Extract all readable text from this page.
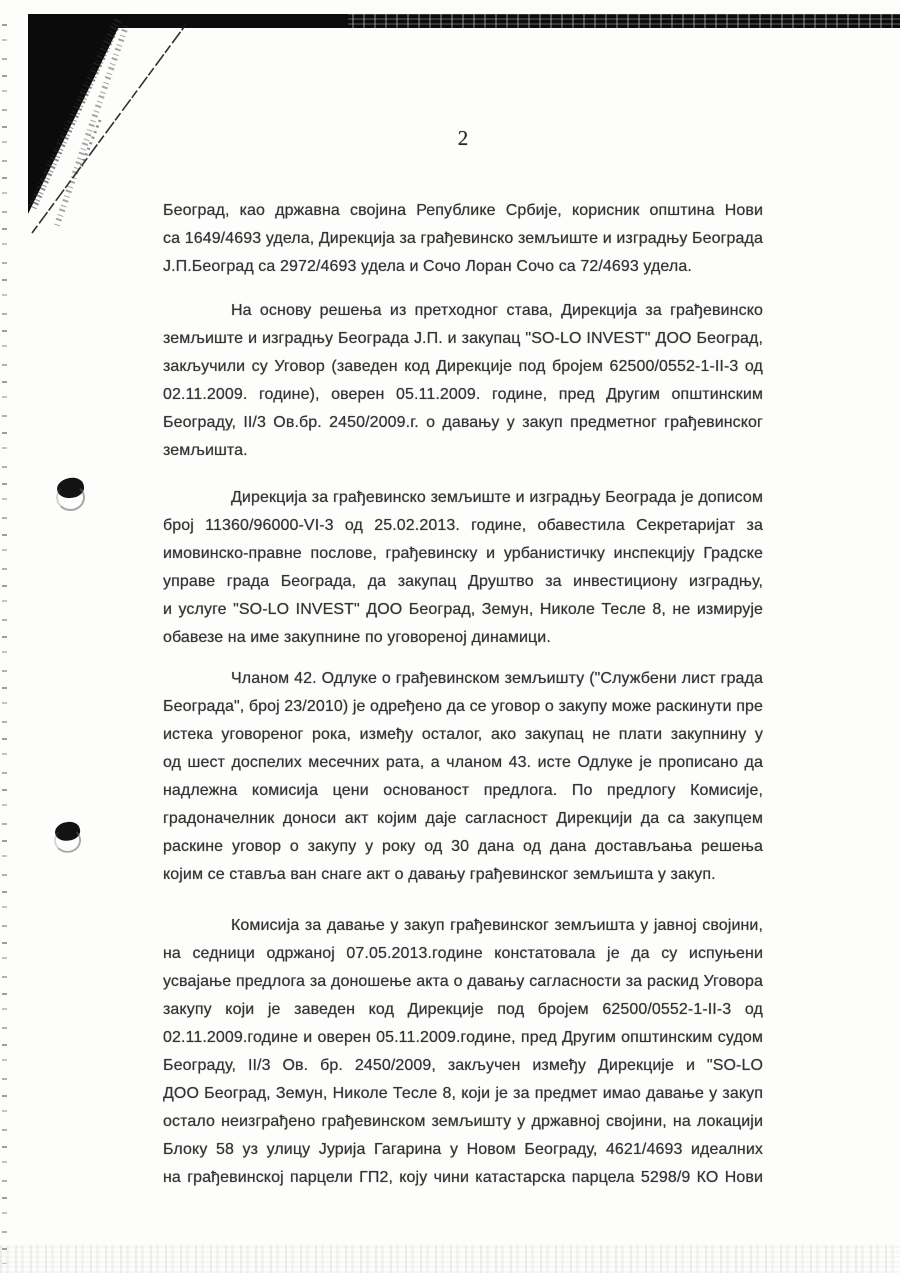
2
Београд, као државна својина Републике Србије, корисник општина Нови
са 1649/4693 удела, Дирекција за грађевинско земљиште и изградњу Београда
Ј.П.Београд са 2972/4693 удела и Сочо Лоран Сочо са 72/4693 удела.
На основу решења из претходног става, Дирекција за грађевинско
земљиште и изградњу Београда Ј.П. и закупац "SO-LO INVEST" ДОО Београд,
закључили су Уговор (заведен код Дирекције под бројем 62500/0552-1-II-3 од
02.11.2009. године), оверен 05.11.2009. године, пред Другим општинским
Београду, II/3 Ов.бр. 2450/2009.г. о давању у закуп предметног грађевинског
земљишта.
Дирекција за грађевинско земљиште и изградњу Београда је дописом
број 11360/96000-VI-3 од 25.02.2013. године, обавестила Секретаријат за
имовинско-правне послове, грађевинску и урбанистичку инспекцију Градске
управе града Београда, да закупац Друштво за инвестициону изградњу,
и услуге "SO-LO INVEST" ДОО Београд, Земун, Николе Тесле 8, не измирује
обавезе на име закупнине по уговореној динамици.
Чланом 42. Одлуке о грађевинском земљишту ("Службени лист града
Београда", број 23/2010) је одређено да се уговор о закупу може раскинути пре
истека уговореног рока, између осталог, ако закупац не плати закупнину у
од шест доспелих месечних рата, а чланом 43. исте Одлуке је прописано да
надлежна комисија цени основаност предлога. По предлогу Комисије,
градоначелник доноси акт којим даје сагласност Дирекцији да са закупцем
раскине уговор о закупу у року од 30 дана од дана достављања решења
којим се ставља ван снаге акт о давању грађевинског земљишта у закуп.
Комисија за давање у закуп грађевинског земљишта у јавној својини,
на седници одржаној 07.05.2013.године констатовала је да су испуњени
усвајање предлога за доношење акта о давању сагласности за раскид Уговора
закупу који је заведен код Дирекције под бројем 62500/0552-1-II-3 од
02.11.2009.године и оверен 05.11.2009.године, пред Другим општинским судом
Београду, II/3 Ов. бр. 2450/2009, закључен између Дирекције и "SO-LO
ДОО Београд, Земун, Николе Тесле 8, који је за предмет имао давање у закуп
остало неизграђено грађевинском земљишту у државној својини, на локацији
Блоку 58 уз улицу Јурија Гагарина у Новом Београду, 4621/4693 идеалних
на грађевинској парцели ГП2, коју чини катастарска парцела 5298/9 КО Нови
